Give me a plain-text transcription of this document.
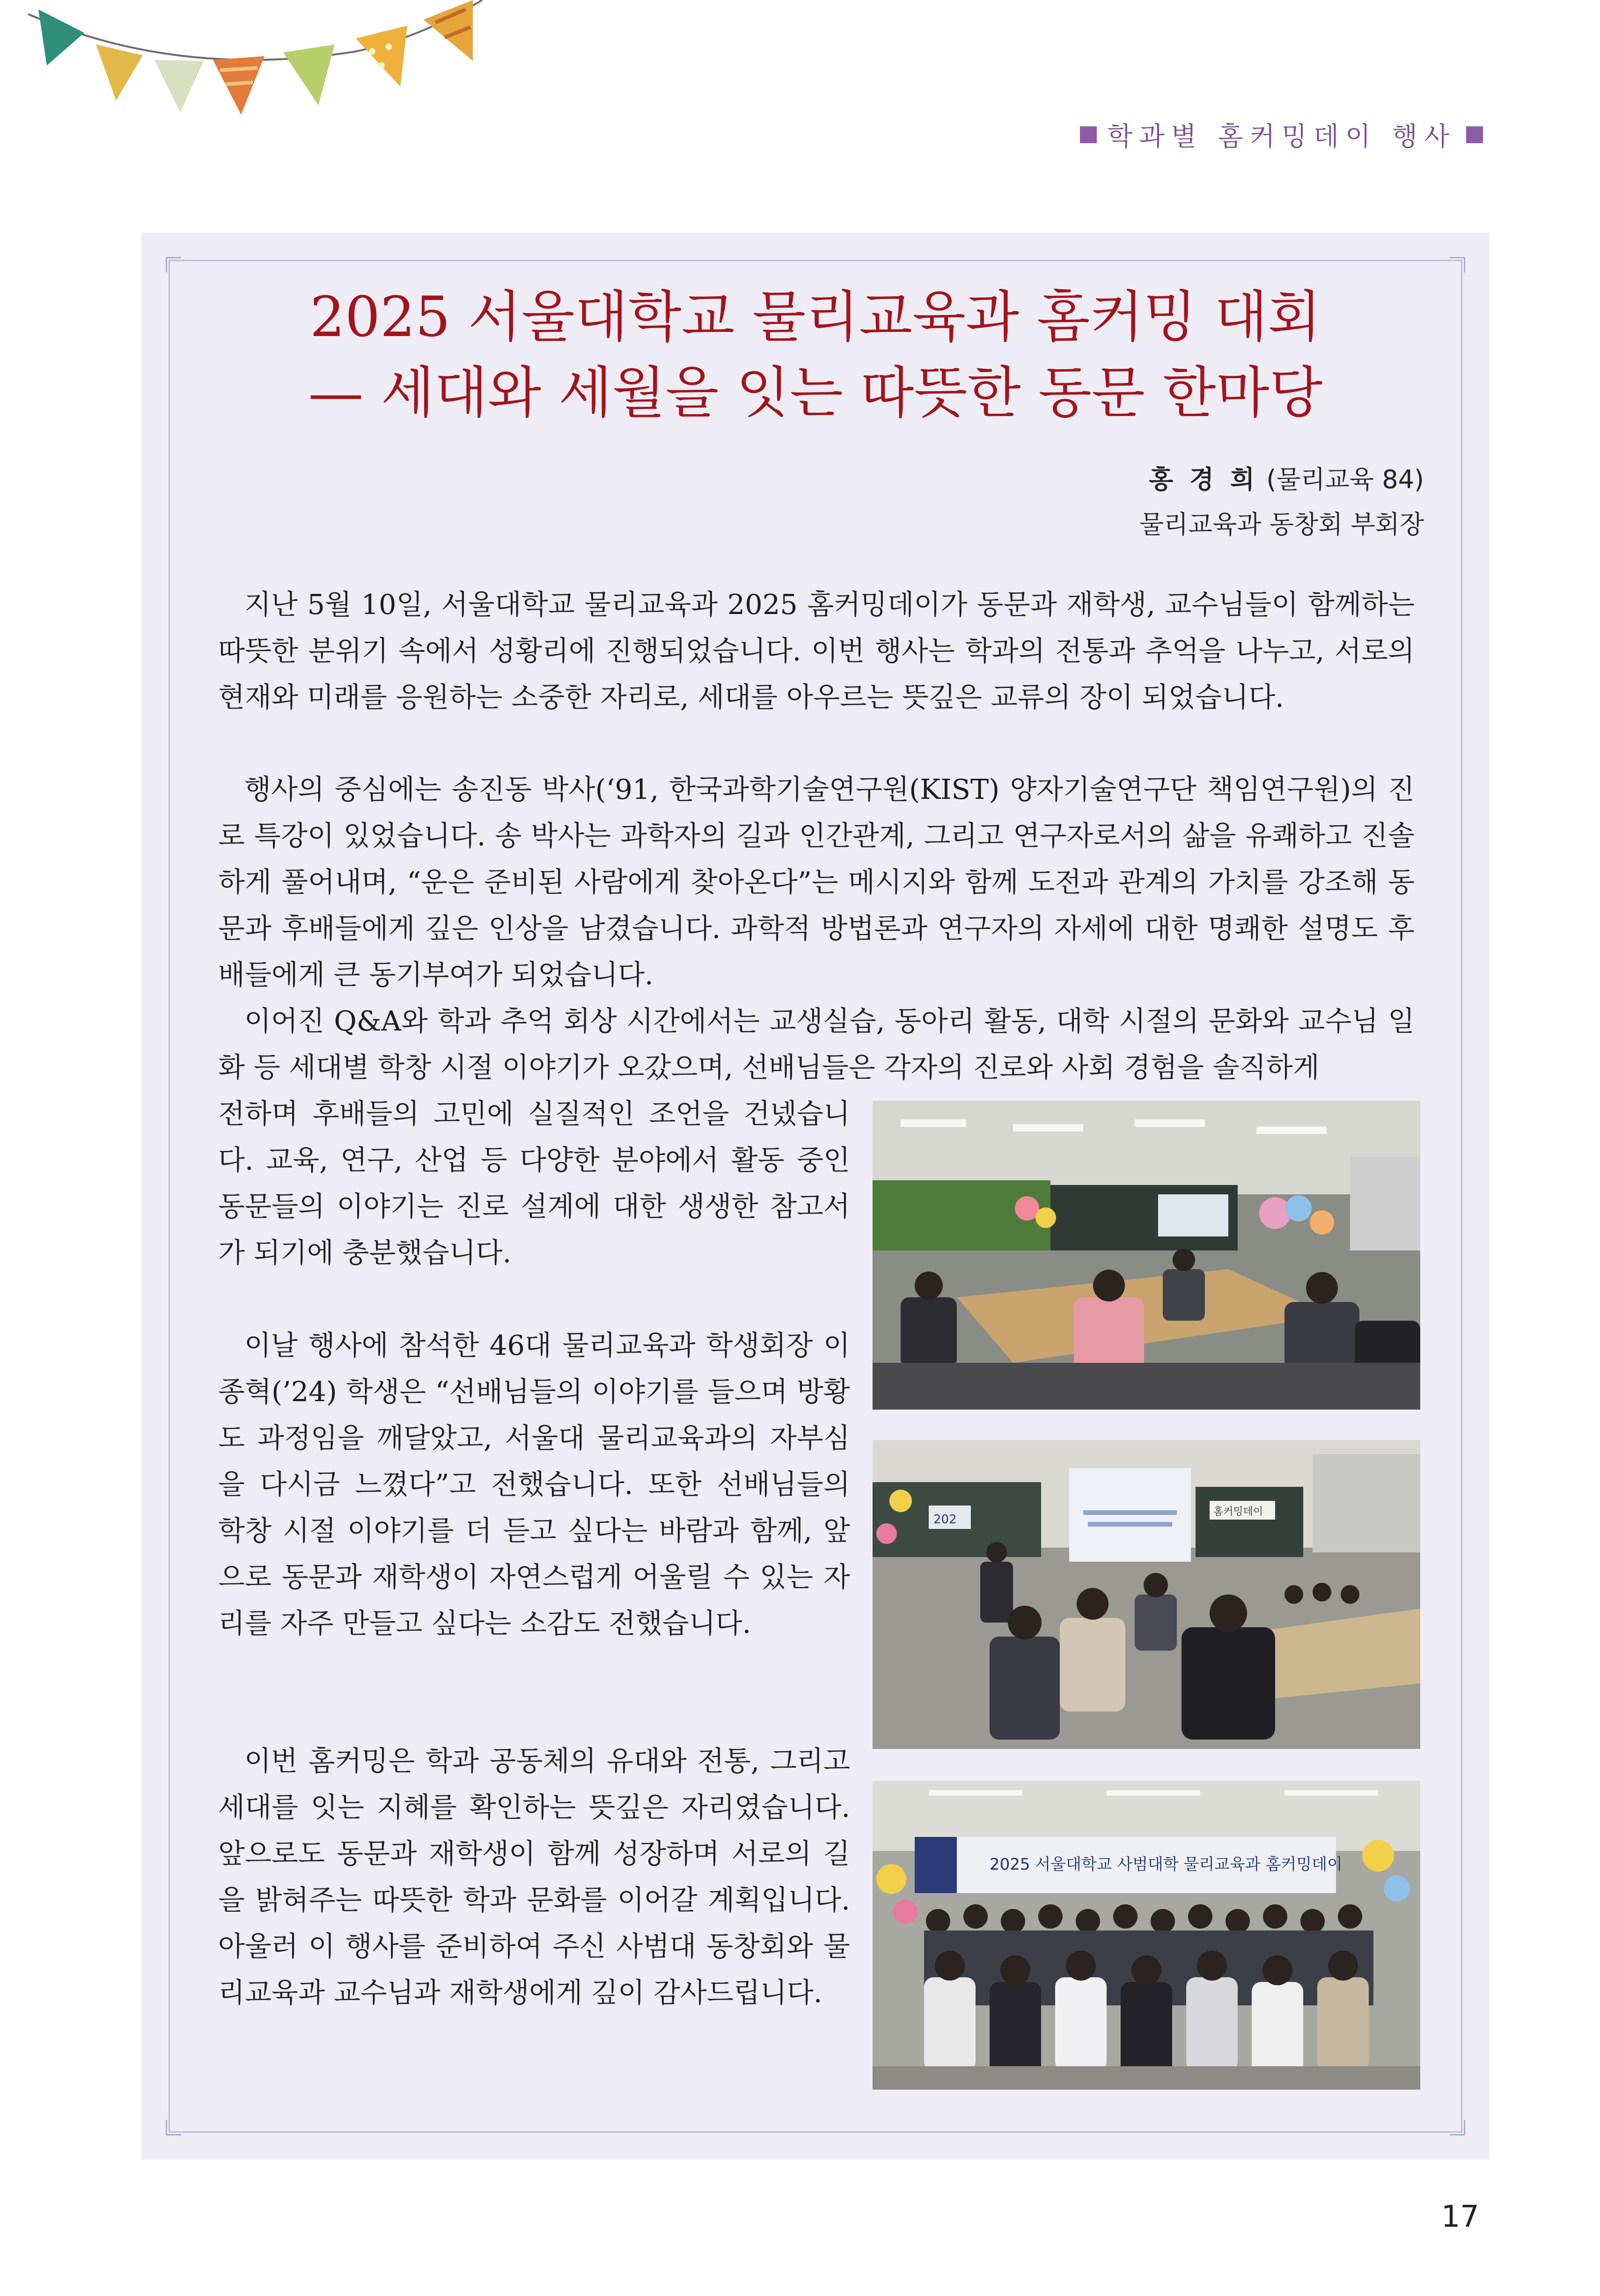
학과별 홈커밍데이 행사
2025 서울대학교 물리교육과 홈커밍 대회
— 세대와 세월을 잇는 따뜻한 동문 한마당
홍 경 희 (물리교육 84)
물리교육과 동창회 부회장

지난 5월 10일, 서울대학교 물리교육과 2025 홈커밍데이가 동문과 재학생, 교수님들이 함께하는 따뜻한 분위기 속에서 성황리에 진행되었습니다. 이번 행사는 학과의 전통과 추억을 나누고, 서로의 현재와 미래를 응원하는 소중한 자리로, 세대를 아우르는 뜻깊은 교류의 장이 되었습니다.

행사의 중심에는 송진동 박사(‘91, 한국과학기술연구원(KIST) 양자기술연구단 책임연구원)의 진로 특강이 있었습니다. 송 박사는 과학자의 길과 인간관계, 그리고 연구자로서의 삶을 유쾌하고 진솔하게 풀어내며, “운은 준비된 사람에게 찾아온다”는 메시지와 함께 도전과 관계의 가치를 강조해 동문과 후배들에게 깊은 인상을 남겼습니다. 과학적 방법론과 연구자의 자세에 대한 명쾌한 설명도 후배들에게 큰 동기부여가 되었습니다.

이어진 Q&A와 학과 추억 회상 시간에서는 교생실습, 동아리 활동, 대학 시절의 문화와 교수님 일화 등 세대별 학창 시절 이야기가 오갔으며, 선배님들은 각자의 진로와 사회 경험을 솔직하게

전하며 후배들의 고민에 실질적인 조언을 건넸습니다. 교육, 연구, 산업 등 다양한 분야에서 활동 중인 동문들의 이야기는 진로 설계에 대한 생생한 참고서가 되기에 충분했습니다.

이날 행사에 참석한 46대 물리교육과 학생회장 이종혁(’24) 학생은 “선배님들의 이야기를 들으며 방황도 과정임을 깨달았고, 서울대 물리교육과의 자부심을 다시금 느꼈다”고 전했습니다. 또한 선배님들의 학창 시절 이야기를 더 듣고 싶다는 바람과 함께, 앞으로 동문과 재학생이 자연스럽게 어울릴 수 있는 자리를 자주 만들고 싶다는 소감도 전했습니다.

이번 홈커밍은 학과 공동체의 유대와 전통, 그리고 세대를 잇는 지혜를 확인하는 뜻깊은 자리였습니다. 앞으로도 동문과 재학생이 함께 성장하며 서로의 길을 밝혀주는 따뜻한 학과 문화를 이어갈 계획입니다. 아울러 이 행사를 준비하여 주신 사범대 동창회와 물리교육과 교수님과 재학생에게 깊이 감사드립니다.

202
홈커밍데이
2025 서울대학교 사범대학 물리교육과 홈커밍데이
17
